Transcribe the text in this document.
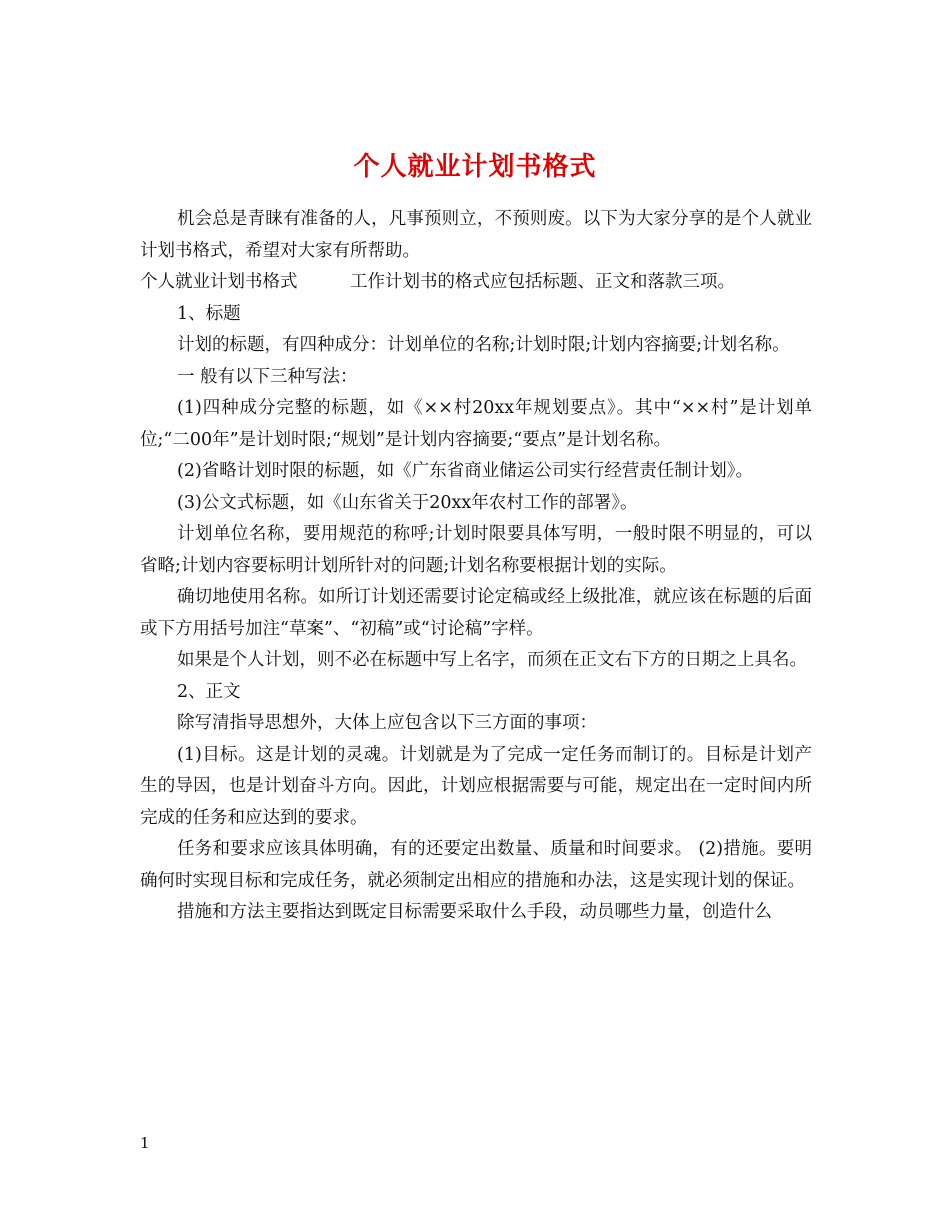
个人就业计划书格式

机会总是青睐有准备的人，凡事预则立，不预则废。以下为大家分享的是个人就业计划书格式，希望对大家有所帮助。

个人就业计划书格式　　　工作计划书的格式应包括标题、正文和落款三项。

1、标题

计划的标题，有四种成分：计划单位的名称;计划时限;计划内容摘要;计划名称。

一 般有以下三种写法：

(1)四种成分完整的标题，如《××村20xx年规划要点》。其中“××村”是计划单位;“二00年”是计划时限;“规划”是计划内容摘要;“要点”是计划名称。

(2)省略计划时限的标题，如《广东省商业储运公司实行经营责任制计划》。

(3)公文式标题，如《山东省关于20xx年农村工作的部署》。

计划单位名称，要用规范的称呼;计划时限要具体写明，一般时限不明显的，可以省略;计划内容要标明计划所针对的问题;计划名称要根据计划的实际。

确切地使用名称。如所订计划还需要讨论定稿或经上级批准，就应该在标题的后面或下方用括号加注“草案”、“初稿”或“讨论稿”字样。

如果是个人计划，则不必在标题中写上名字，而须在正文右下方的日期之上具名。

2、正文

除写清指导思想外，大体上应包含以下三方面的事项：

(1)目标。这是计划的灵魂。计划就是为了完成一定任务而制订的。目标是计划产生的导因，也是计划奋斗方向。因此，计划应根据需要与可能，规定出在一定时间内所完成的任务和应达到的要求。

任务和要求应该具体明确，有的还要定出数量、质量和时间要求。 (2)措施。要明确何时实现目标和完成任务，就必须制定出相应的措施和办法，这是实现计划的保证。

措施和方法主要指达到既定目标需要采取什么手段，动员哪些力量，创造什么

1
